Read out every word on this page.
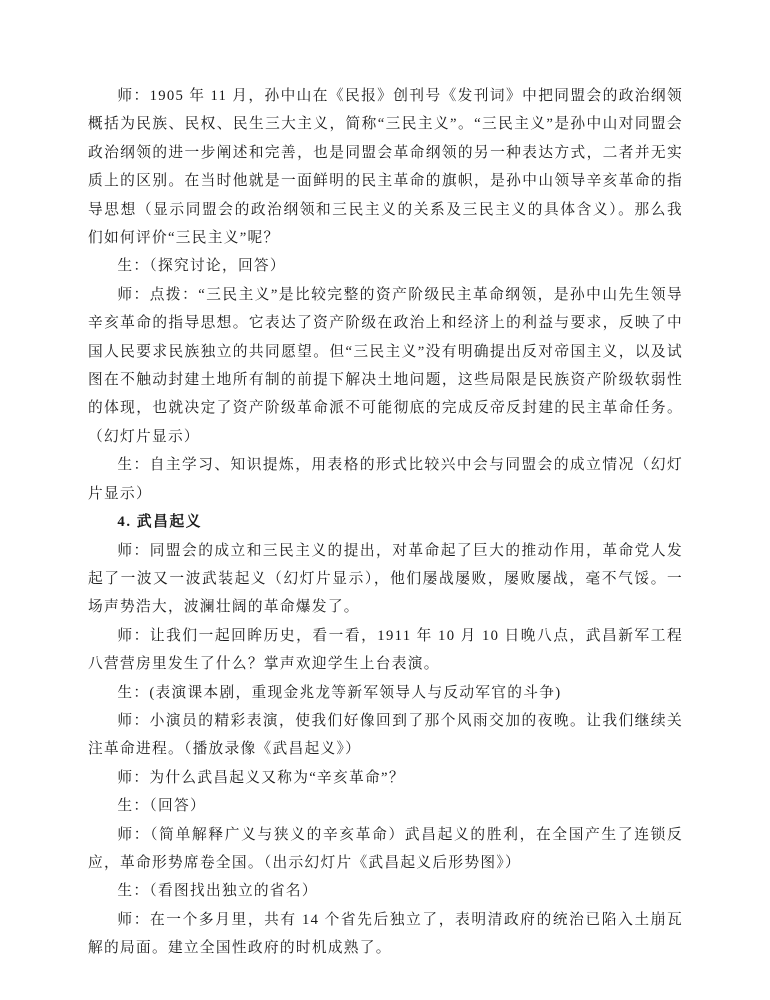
师：1905 年 11 月，孙中山在《民报》创刊号《发刊词》中把同盟会的政治纲领概括为民族、民权、民生三大主义，简称“三民主义”。“三民主义”是孙中山对同盟会政治纲领的进一步阐述和完善，也是同盟会革命纲领的另一种表达方式，二者并无实质上的区别。在当时他就是一面鲜明的民主革命的旗帜，是孙中山领导辛亥革命的指导思想（显示同盟会的政治纲领和三民主义的关系及三民主义的具体含义）。那么我们如何评价“三民主义”呢？

生：（探究讨论，回答）

师：点拨：“三民主义”是比较完整的资产阶级民主革命纲领，是孙中山先生领导辛亥革命的指导思想。它表达了资产阶级在政治上和经济上的利益与要求，反映了中国人民要求民族独立的共同愿望。但“三民主义”没有明确提出反对帝国主义，以及试图在不触动封建土地所有制的前提下解决土地问题，这些局限是民族资产阶级软弱性的体现，也就决定了资产阶级革命派不可能彻底的完成反帝反封建的民主革命任务。（幻灯片显示）

生：自主学习、知识提炼，用表格的形式比较兴中会与同盟会的成立情况（幻灯片显示）

4. 武昌起义

师：同盟会的成立和三民主义的提出，对革命起了巨大的推动作用，革命党人发起了一波又一波武装起义（幻灯片显示），他们屡战屡败，屡败屡战，毫不气馁。一场声势浩大，波澜壮阔的革命爆发了。

师：让我们一起回眸历史，看一看，1911 年 10 月 10 日晚八点，武昌新军工程八营营房里发生了什么？掌声欢迎学生上台表演。

生：(表演课本剧，重现金兆龙等新军领导人与反动军官的斗争)

师：小演员的精彩表演，使我们好像回到了那个风雨交加的夜晚。让我们继续关注革命进程。（播放录像《武昌起义》）

师：为什么武昌起义又称为“辛亥革命”？

生：（回答）

师：（简单解释广义与狭义的辛亥革命）武昌起义的胜利，在全国产生了连锁反应，革命形势席卷全国。（出示幻灯片《武昌起义后形势图》）

生：（看图找出独立的省名）

师：在一个多月里，共有 14 个省先后独立了，表明清政府的统治已陷入土崩瓦解的局面。建立全国性政府的时机成熟了。
